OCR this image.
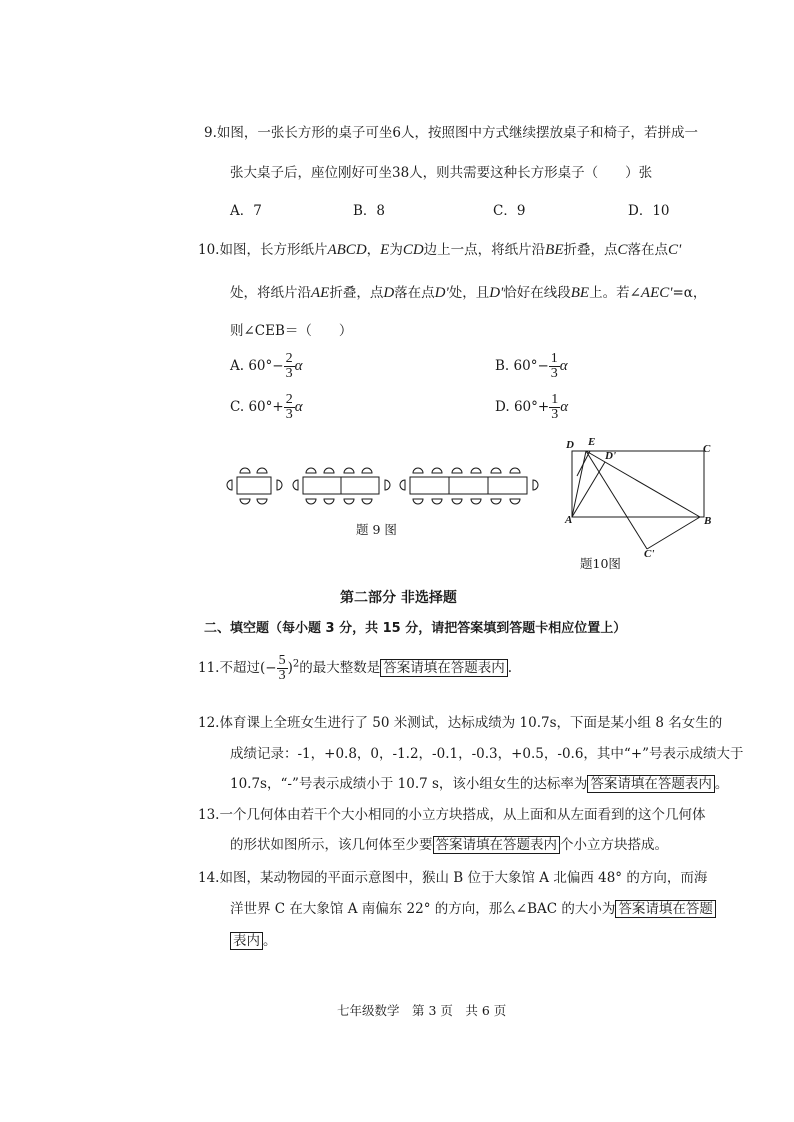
9.如图，一张长方形的桌子可坐6人，按照图中方式继续摆放桌子和椅子，若拼成一
张大桌子后，座位刚好可坐38人，则共需要这种长方形桌子（　　）张
A．7	B．8	C．9	D．10
10.如图，长方形纸片ABCD，E为CD边上一点，将纸片沿BE折叠，点C落在点C'
处，将纸片沿AE折叠，点D落在点D'处，且D'恰好在线段BE上。若∠AEC'=α，
则∠CEB＝（　　）
A. $60^\circ- \frac{2}{3}$ α	B. $60^\circ- \frac{1}{3}$ α
C. $60^\circ+ \frac{2}{3}$ α	D. $60^\circ+ \frac{1}{3}$ α
题 9 图
D E
D'
C
A	B
C'
题10图
第二部分 非选择题
二、填空题（每小题 3 分，共 15 分，请把答案填到答题卡相应位置上）
11.不超过(− $\frac{5}{3} )^2$的最大整数是 答案请填在答题表内 .
12.体育课上全班女生进行了 50 米测试，达标成绩为 10.7s，下面是某小组 8 名女生的
成绩记录：-1，+0.8，0，-1.2，-0.1，-0.3，+0.5，-0.6，其中“+”号表示成绩大于
10.7s，“-”号表示成绩小于 10.7 s，该小组女生的达标率为 答案请填在答题表内 。
13.一个几何体由若干个大小相同的小立方块搭成，从上面和从左面看到的这个几何体
的形状如图所示，该几何体至少要 答案请填在答题表内 个小立方块搭成。
14.如图，某动物园的平面示意图中，猴山 B 位于大象馆 A 北偏西 48° 的方向，而海
洋世界 C 在大象馆 A 南偏东 22° 的方向，那么∠BAC 的大小为 答案请填在答题
表内 。
七年级数学　第 3 页　共 6 页
